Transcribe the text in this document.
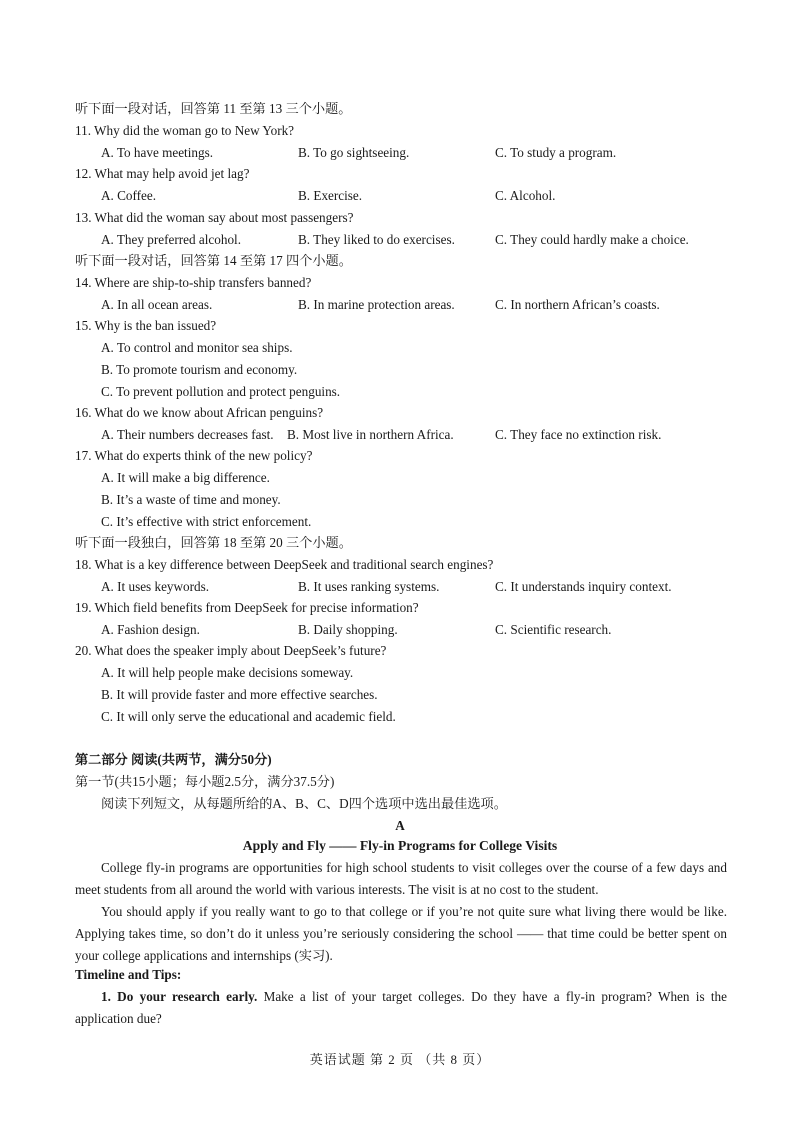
听下面一段对话，回答第 11 至第 13 三个小题。
11. Why did the woman go to New York?
A. To have meetings.	B. To go sightseeing.	C. To study a program.
12. What may help avoid jet lag?
A. Coffee.	B. Exercise.	C. Alcohol.
13. What did the woman say about most passengers?
A. They preferred alcohol.	B. They liked to do exercises.	C. They could hardly make a choice.
听下面一段对话，回答第 14 至第 17 四个小题。
14. Where are ship-to-ship transfers banned?
A. In all ocean areas.	B. In marine protection areas.	C. In northern African’s coasts.
15. Why is the ban issued?
A. To control and monitor sea ships.
B. To promote tourism and economy.
C. To prevent pollution and protect penguins.
16. What do we know about African penguins?
A. Their numbers decreases fast. B. Most live in northern Africa.	C. They face no extinction risk.
17. What do experts think of the new policy?
A. It will make a big difference.
B. It’s a waste of time and money.
C. It’s effective with strict enforcement.
听下面一段独白，回答第 18 至第 20 三个小题。
18. What is a key difference between DeepSeek and traditional search engines?
A. It uses keywords.	B. It uses ranking systems.	C. It understands inquiry context.
19. Which field benefits from DeepSeek for precise information?
A. Fashion design.	B. Daily shopping.	C. Scientific research.
20. What does the speaker imply about DeepSeek’s future?
A. It will help people make decisions someway.
B. It will provide faster and more effective searches.
C. It will only serve the educational and academic field.
第二部分 阅读(共两节，满分50分)
第一节(共15小题；每小题2.5分，满分37.5分)
阅读下列短文，从每题所给的A、B、C、D四个选项中选出最佳选项。
A
Apply and Fly —— Fly-in Programs for College Visits
College fly-in programs are opportunities for high school students to visit colleges over the course of a few days and meet students from all around the world with various interests. The visit is at no cost to the student.
You should apply if you really want to go to that college or if you’re not quite sure what living there would be like. Applying takes time, so don’t do it unless you’re seriously considering the school —— that time could be better spent on your college applications and internships (实习).
Timeline and Tips:
1. Do your research early. Make a list of your target colleges. Do they have a fly-in program? When is the application due?
英语试题 第 2 页 （共 8 页）
